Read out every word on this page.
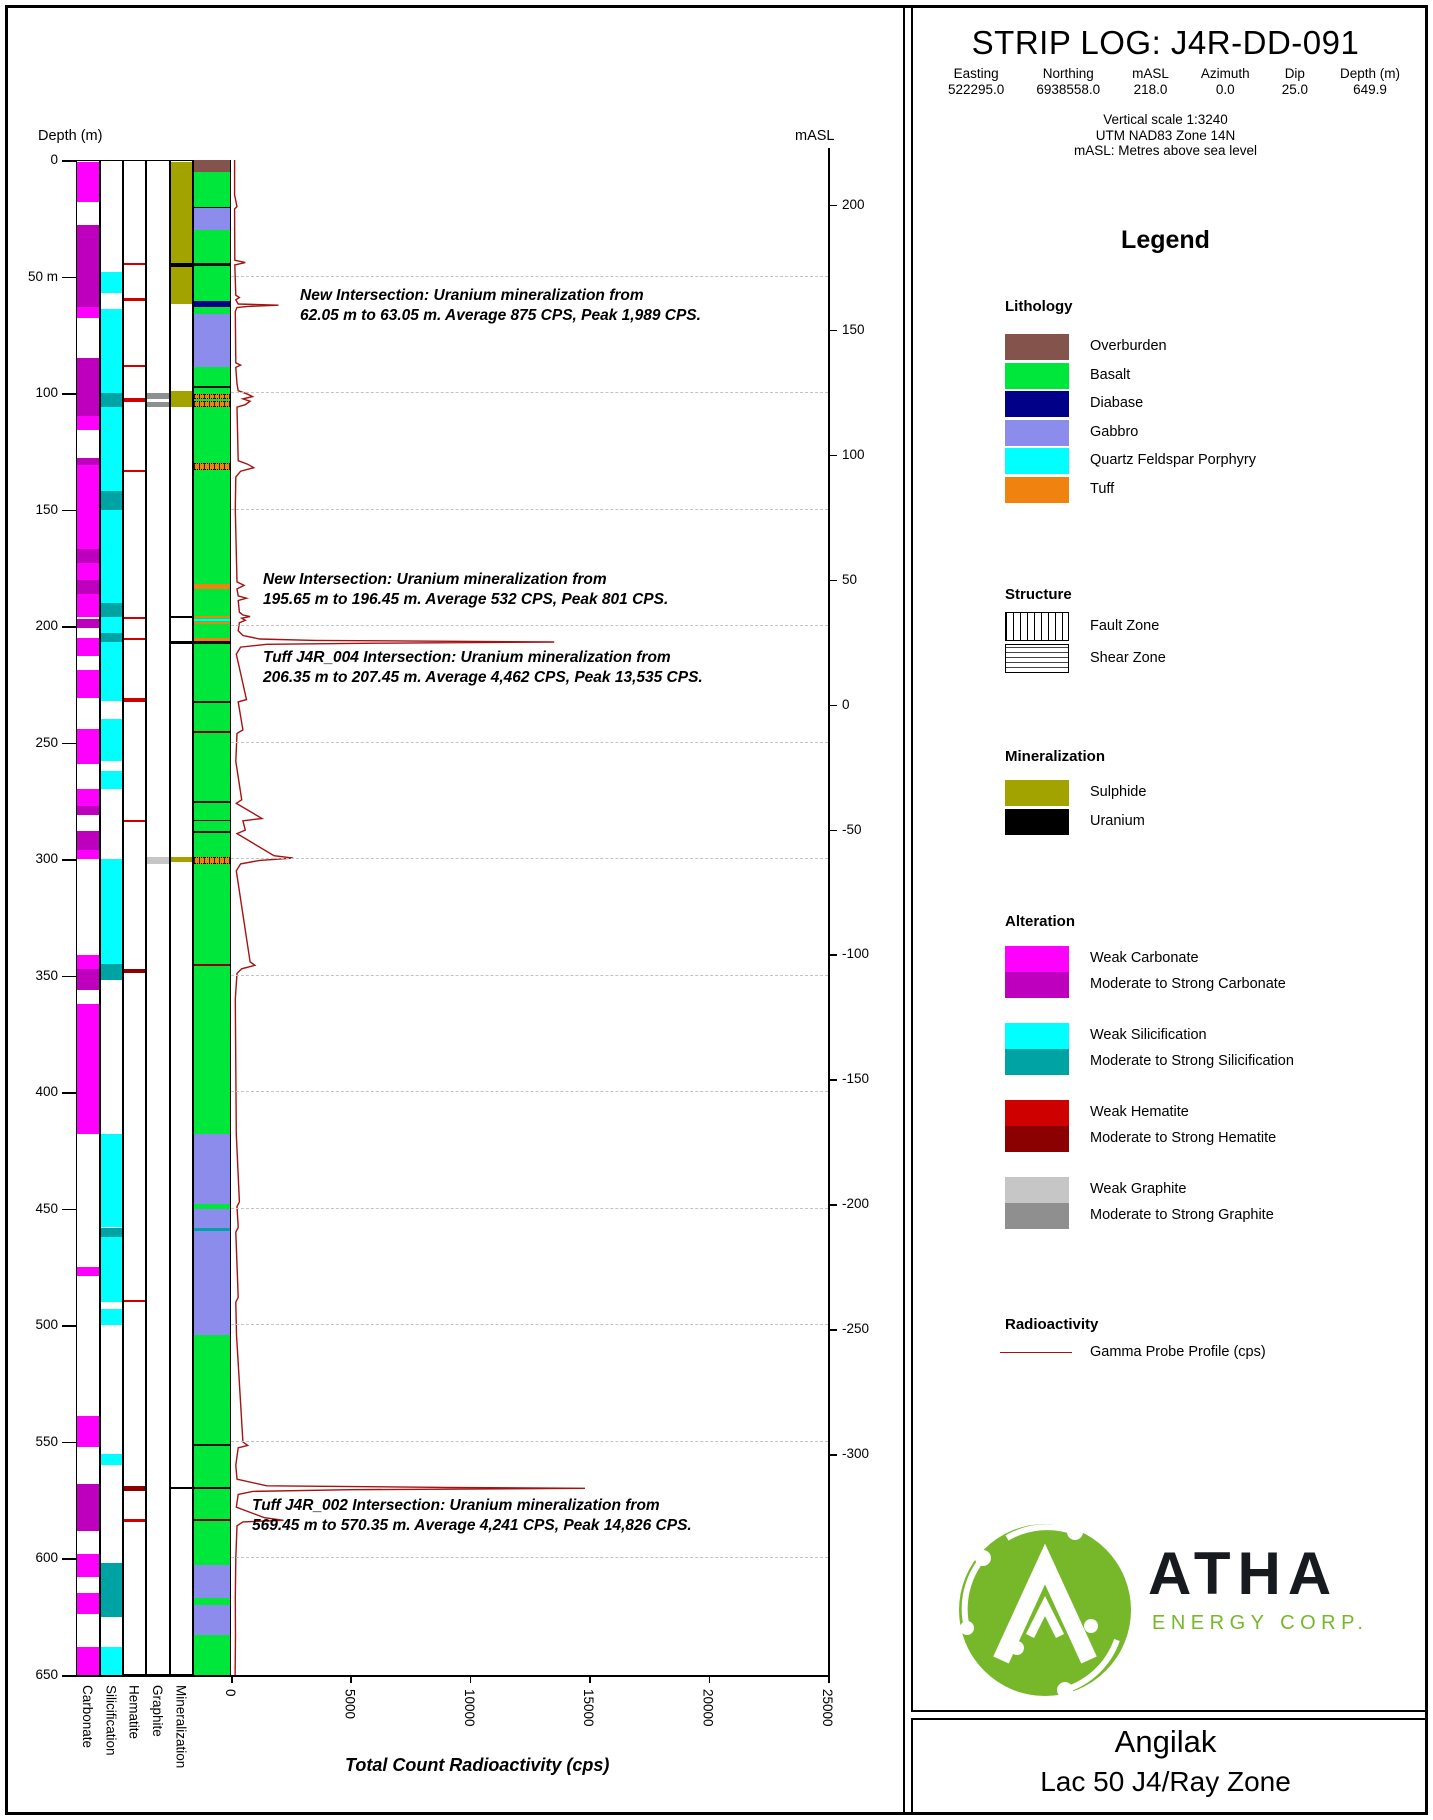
Depth (m)	mASL
Total Count Radioactivity (cps)
0
50 m
100
150
200
250
300
350
400
450
500
550
600
650
200
150
100
50
0
-50
-100
-150
-200
-250
-300
0	5000	10000	15000	20000	25000
Carbonate Silicification Hematite Graphite Mineralization
New Intersection: Uranium mineralization from
62.05 m to 63.05 m. Average 875 CPS, Peak 1,989 CPS.
New Intersection: Uranium mineralization from
195.65 m to 196.45 m. Average 532 CPS, Peak 801 CPS.
Tuff J4R_004 Intersection: Uranium mineralization from
206.35 m to 207.45 m. Average 4,462 CPS, Peak 13,535 CPS.
Tuff J4R_002 Intersection: Uranium mineralization from
569.45 m to 570.35 m. Average 4,241 CPS, Peak 14,826 CPS.
STRIP LOG: J4R-DD-091
Easting
522295.0
Northing
6938558.0
mASL
218.0
Azimuth
0.0
Dip
25.0
Depth (m)
649.9
Vertical scale 1:3240
UTM NAD83 Zone 14N
mASL: Metres above sea level
Legend
Lithology
Structure
Mineralization
Alteration
Radioactivity
Gamma Probe Profile (cps)
ATHA
ENERGY CORP.
Angilak
Lac 50 J4/Ray Zone
Overburden
Basalt
Diabase
Gabbro
Quartz Feldspar Porphyry
Tuff
Fault Zone
Shear Zone
Sulphide
Uranium
Weak Carbonate
Moderate to Strong Carbonate
Weak Silicification
Moderate to Strong Silicification
Weak Hematite
Moderate to Strong Hematite
Weak Graphite
Moderate to Strong Graphite
